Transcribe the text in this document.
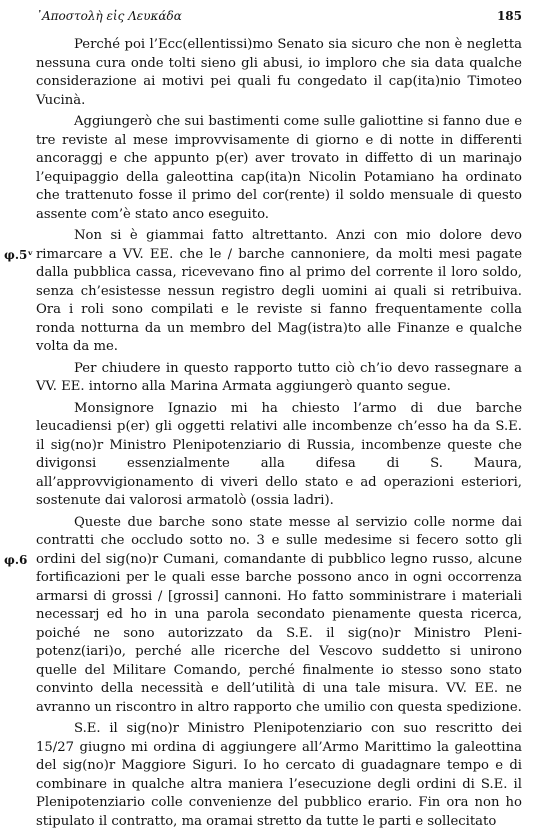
᾿Αποστολὴ εἰς Λευκάδα	185
φ.5ᵛ
φ.6

Perché poi l’Ecc(ellentissi)mo Senato sia sicuro che non è negletta nessuna cura onde tolti sieno gli abusi, io imploro che sia data qualche considerazione ai motivi pei quali fu congedato il cap(ita)nio Timoteo Vucinà.

Aggiungerò che sui bastimenti come sulle galiottine si fanno due e tre reviste al mese improvvisamente di giorno e di notte in differenti ancoraggj e che appunto p(er) aver trovato in diffetto di un marinajo l’equipaggio della galeottina cap(ita)n Nicolin Potamiano ha ordinato che trattenuto fosse il primo del cor(rente) il soldo mensuale di questo assente com’è stato anco eseguito.

Non si è giammai fatto altrettanto. Anzi con mio dolore devo rimarcare a VV. EE. che le / barche cannoniere, da molti mesi pagate dalla pubblica cassa, ricevevano fino al primo del corrente il loro soldo, senza ch’esistesse nessun registro degli uomini ai quali si retribuiva. Ora i roli sono compilati e le reviste si fanno frequentamente colla ronda notturna da un membro del Mag(istra)to alle Finanze e qualche volta da me.

Per chiudere in questo rapporto tutto ciò ch’io devo rassegnare a VV. EE. intorno alla Marina Armata aggiungerò quanto segue.

Monsignore Ignazio mi ha chiesto l’armo di due barche leucadiensi p(er) gli oggetti relativi alle incombenze ch’esso ha da S.E. il sig(no)r Ministro Plenipotenziario di Russia, incombenze queste che divigonsi essenzialmente alla difesa di S. Maura, all’approvvigionamento di viveri dello stato e ad operazioni esteriori, sostenute dai valorosi armatolò (ossia ladri).

Queste due barche sono state messe al servizio colle norme dai contratti che occludo sotto no. 3 e sulle medesime si fecero sotto gli ordini del sig(no)r Cumani, comandante di pubblico legno russo, alcune fortificazioni per le quali esse barche possono anco in ogni occorrenza armarsi di grossi / [grossi] cannoni. Ho fatto somministrare i materiali necessarj ed ho in una parola secondato pienamente questa ricerca, poiché ne sono autorizzato da S.E. il sig(no)r Ministro Plenipotenz(iari)o, perché alle ricerche del Vescovo suddetto si unirono quelle del Militare Comando, perché finalmente io stesso sono stato convinto della necessità e dell’utilità di una tale misura. VV. EE. ne avranno un riscontro in altro rapporto che umilio con questa spedizione.

S.E. il sig(no)r Ministro Plenipotenziario con suo rescritto dei 15/27 giugno mi ordina di aggiungere all’Armo Marittimo la galeottina del sig(no)r Maggiore Siguri. Io ho cercato di guadagnare tempo e di combinare in qualche altra maniera l’esecuzione degli ordini di S.E. il Plenipotenziario colle convenienze del pubblico erario. Fin ora non ho stipulato il contratto, ma oramai stretto da tutte le parti e sollecitato
